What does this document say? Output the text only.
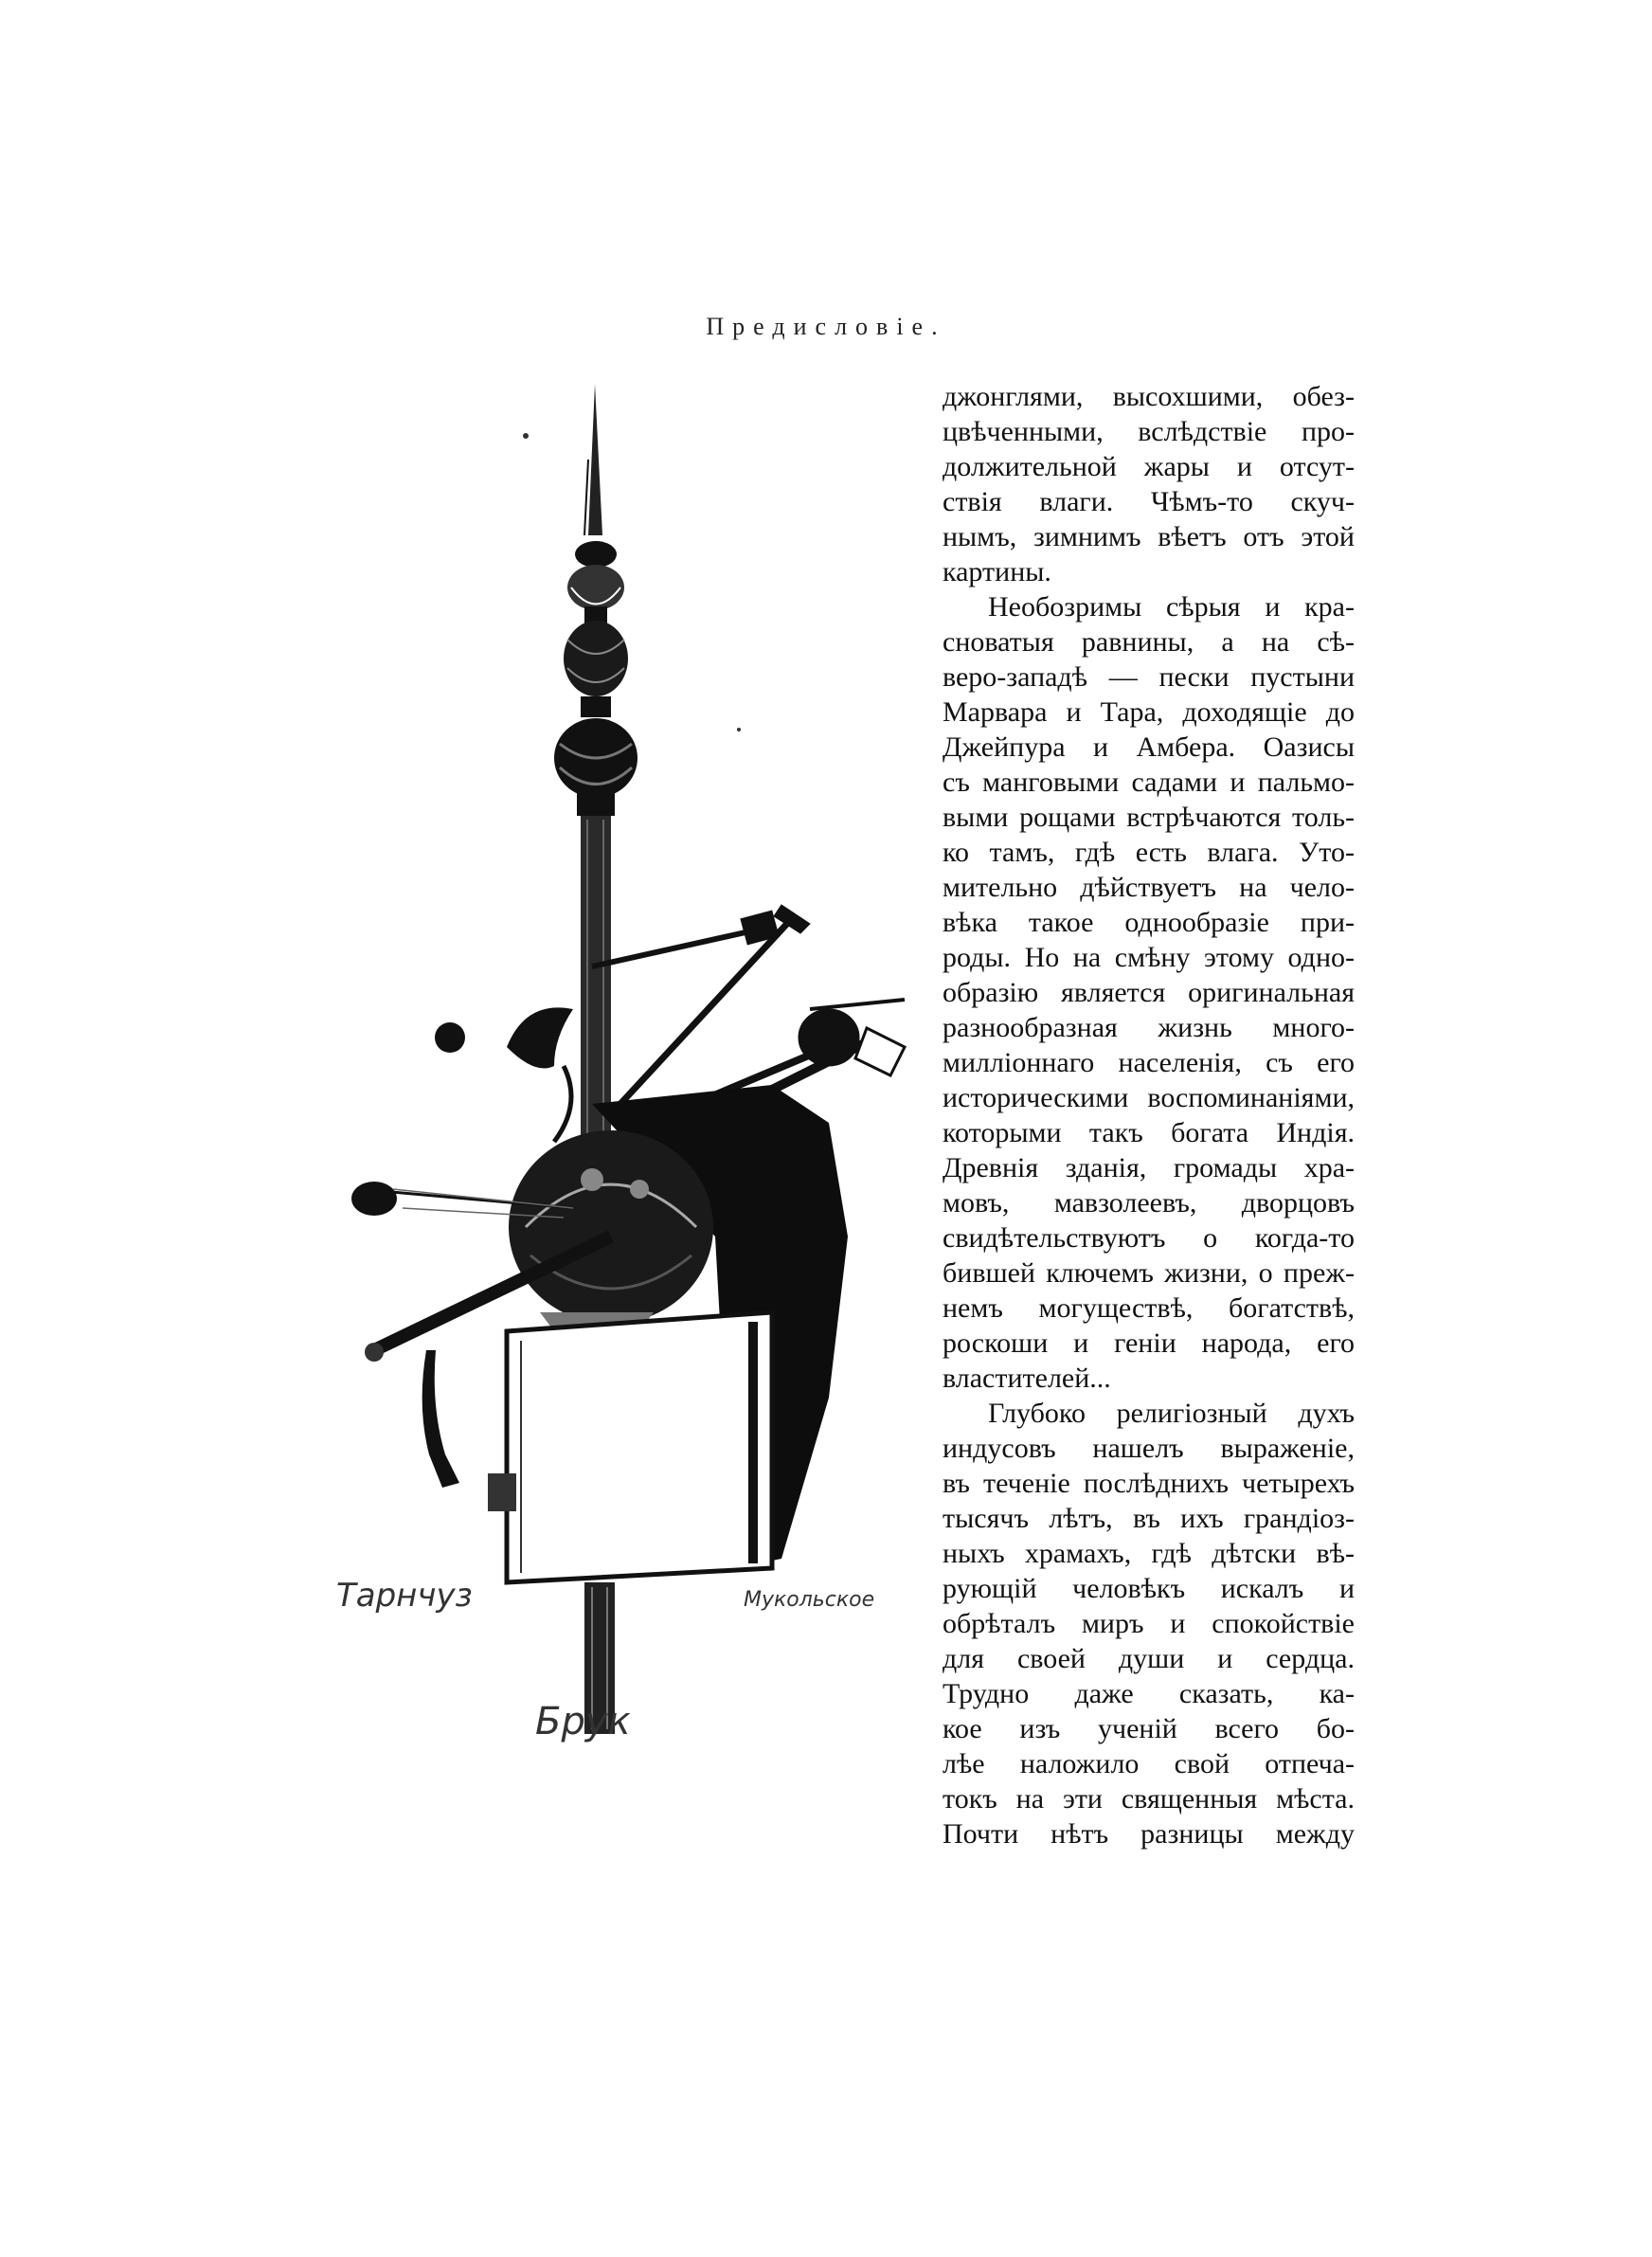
Предисловіе.
Тарнчуз
Брук
Мукольское

джонглями, высохшими, обез-
цвѣченными, вслѣдствіе про-
должительной жары и отсут-
ствія влаги. Чѣмъ-то скуч-
нымъ, зимнимъ вѣетъ отъ этой
картины.

Необозримы сѣрыя и кра-
сноватыя равнины, а на сѣ-
веро-западѣ — пески пустыни
Марвара и Тара, доходящіе до
Джейпура и Амбера. Оазисы
съ манговыми садами и пальмо-
выми рощами встрѣчаются толь-
ко тамъ, гдѣ есть влага. Уто-
мительно дѣйствуетъ на чело-
вѣка такое однообразіе при-
роды. Но на смѣну этому одно-
образію является оригинальная
разнообразная жизнь много-
милліоннаго населенія, съ его
историческими воспоминаніями,
которыми такъ богата Индія.
Древнія зданія, громады хра-
мовъ, мавзолеевъ, дворцовъ
свидѣтельствуютъ о когда-то
бившей ключемъ жизни, о преж-
немъ могуществѣ, богатствѣ,
роскоши и геніи народа, его
властителей...

Глубоко религіозный духъ
индусовъ нашелъ выраженіе,
въ теченіе послѣднихъ четырехъ
тысячъ лѣтъ, въ ихъ грандіоз-
ныхъ храмахъ, гдѣ дѣтски вѣ-
рующій человѣкъ искалъ и
обрѣталъ миръ и спокойствіе
для своей души и сердца.
Трудно даже сказать, ка-
кое изъ ученій всего бо-
лѣе наложило свой отпеча-
токъ на эти священныя мѣста.
Почти нѣтъ разницы между
